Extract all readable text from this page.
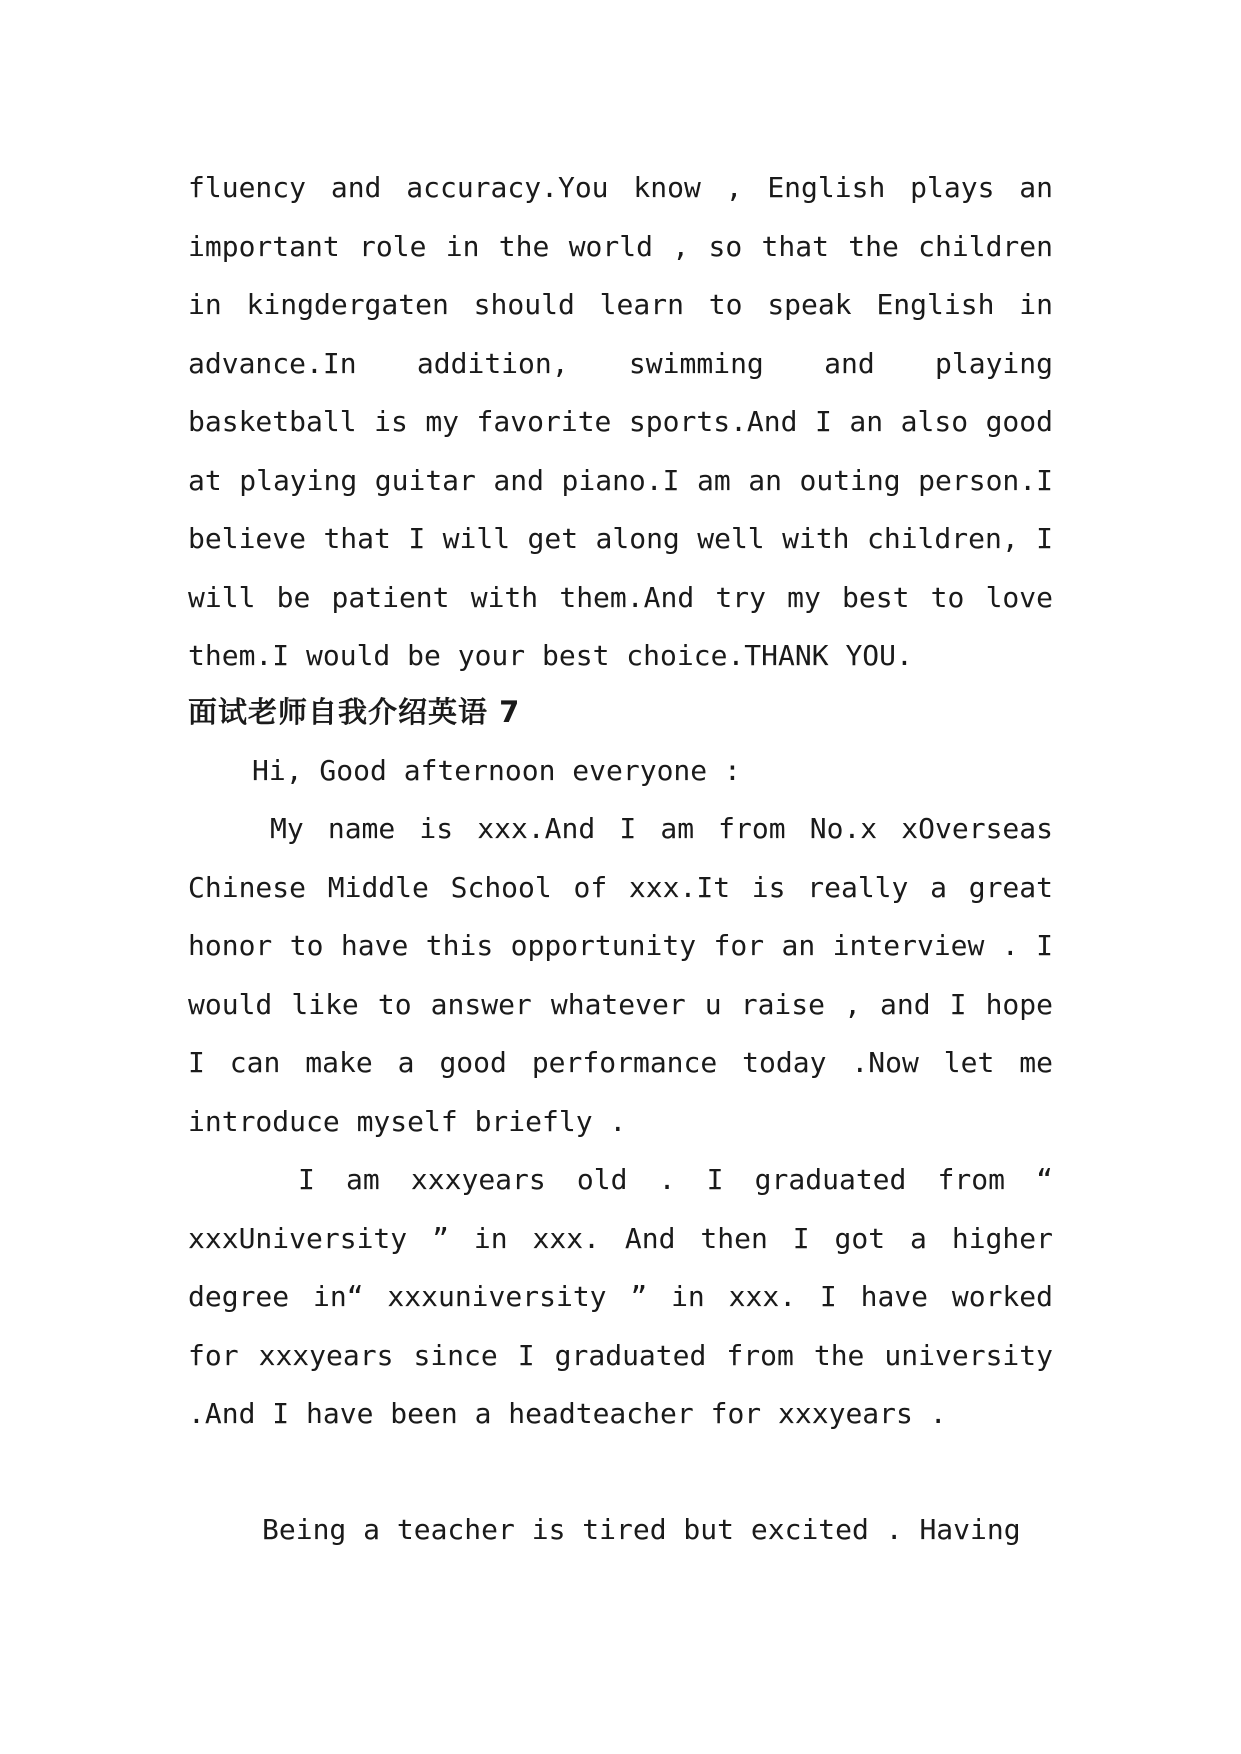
fluency and accuracy.You know , English plays an important role in the world , so that the children in kingdergaten should learn to speak English in advance.In addition, swimming and playing basketball is my favorite sports.And I an also good at playing guitar and piano.I am an outing person.I believe that I will get along well with children, I will be patient with them.And try my best to love them.I would be your best choice.THANK YOU.

面试老师自我介绍英语 7

Hi, Good afternoon everyone :

My name is xxx.And I am from No.x xOverseas Chinese Middle School of xxx.It is really a great honor to have this opportunity for an interview . I would like to answer whatever u raise , and I hope I can make a good performance today .Now let me introduce myself briefly .

I am xxxyears old . I graduated from “ xxxUniversity ” in xxx. And then I got a higher degree in“ xxxuniversity ” in xxx. I have worked for xxxyears since I graduated from the university .And I have been a headteacher for xxxyears .

Being a teacher is tired but excited . Having
